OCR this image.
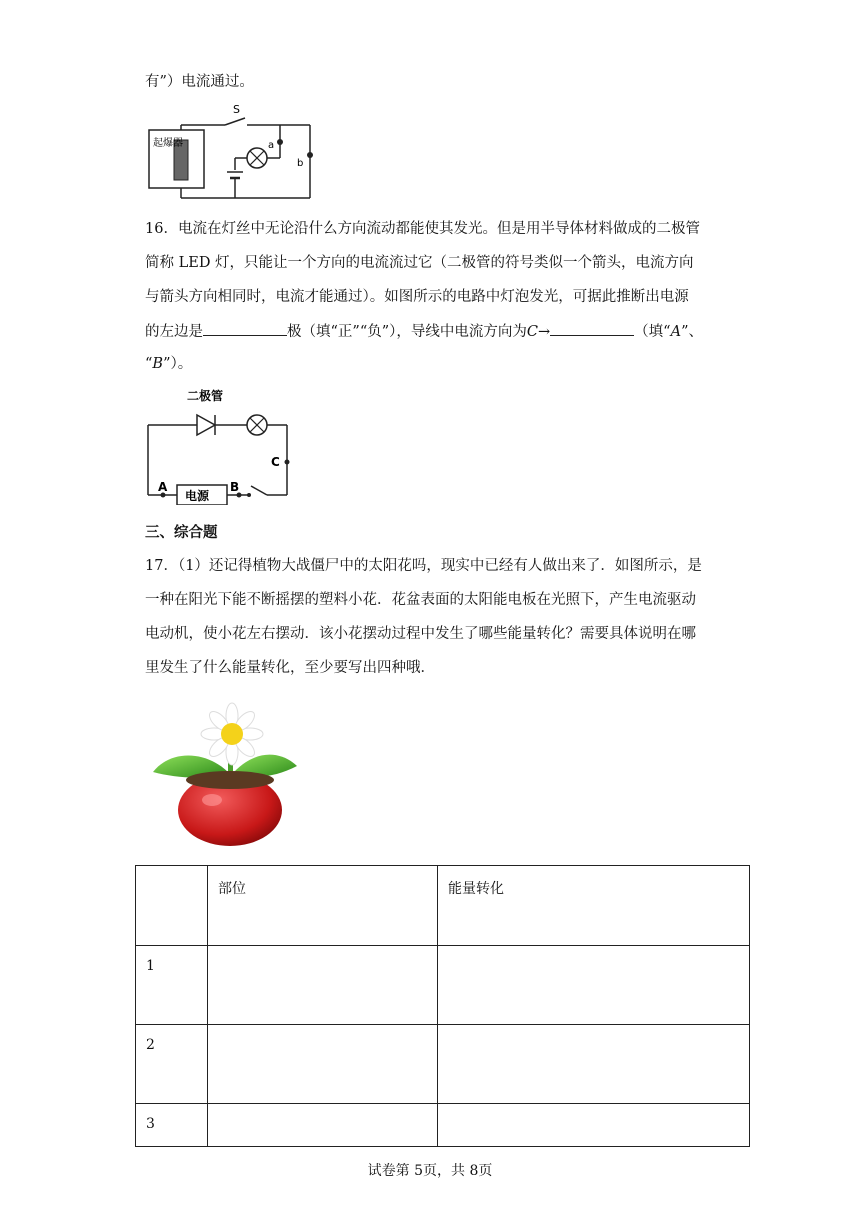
有”）电流通过。
起爆器
S
b
a
16．电流在灯丝中无论沿什么方向流动都能使其发光。但是用半导体材料做成的二极管
简称 LED 灯，只能让一个方向的电流流过它（二极管的符号类似一个箭头，电流方向
与箭头方向相同时，电流才能通过）。如图所示的电路中灯泡发光，可据此推断出电源
的左边是	极（填“正”“负”），导线中电流方向为C→	（填“A”、
“B”）。
二极管
C
B
电源
A
三、综合题
17．（1）还记得植物大战僵尸中的太阳花吗，现实中已经有人做出来了．如图所示，是
一种在阳光下能不断摇摆的塑料小花．花盆表面的太阳能电板在光照下，产生电流驱动
电动机，使小花左右摆动．该小花摆动过程中发生了哪些能量转化？需要具体说明在哪
里发生了什么能量转化，至少要写出四种哦．
	部位	能量转化
1		
2		
3		
试卷第 5页，共 8页
